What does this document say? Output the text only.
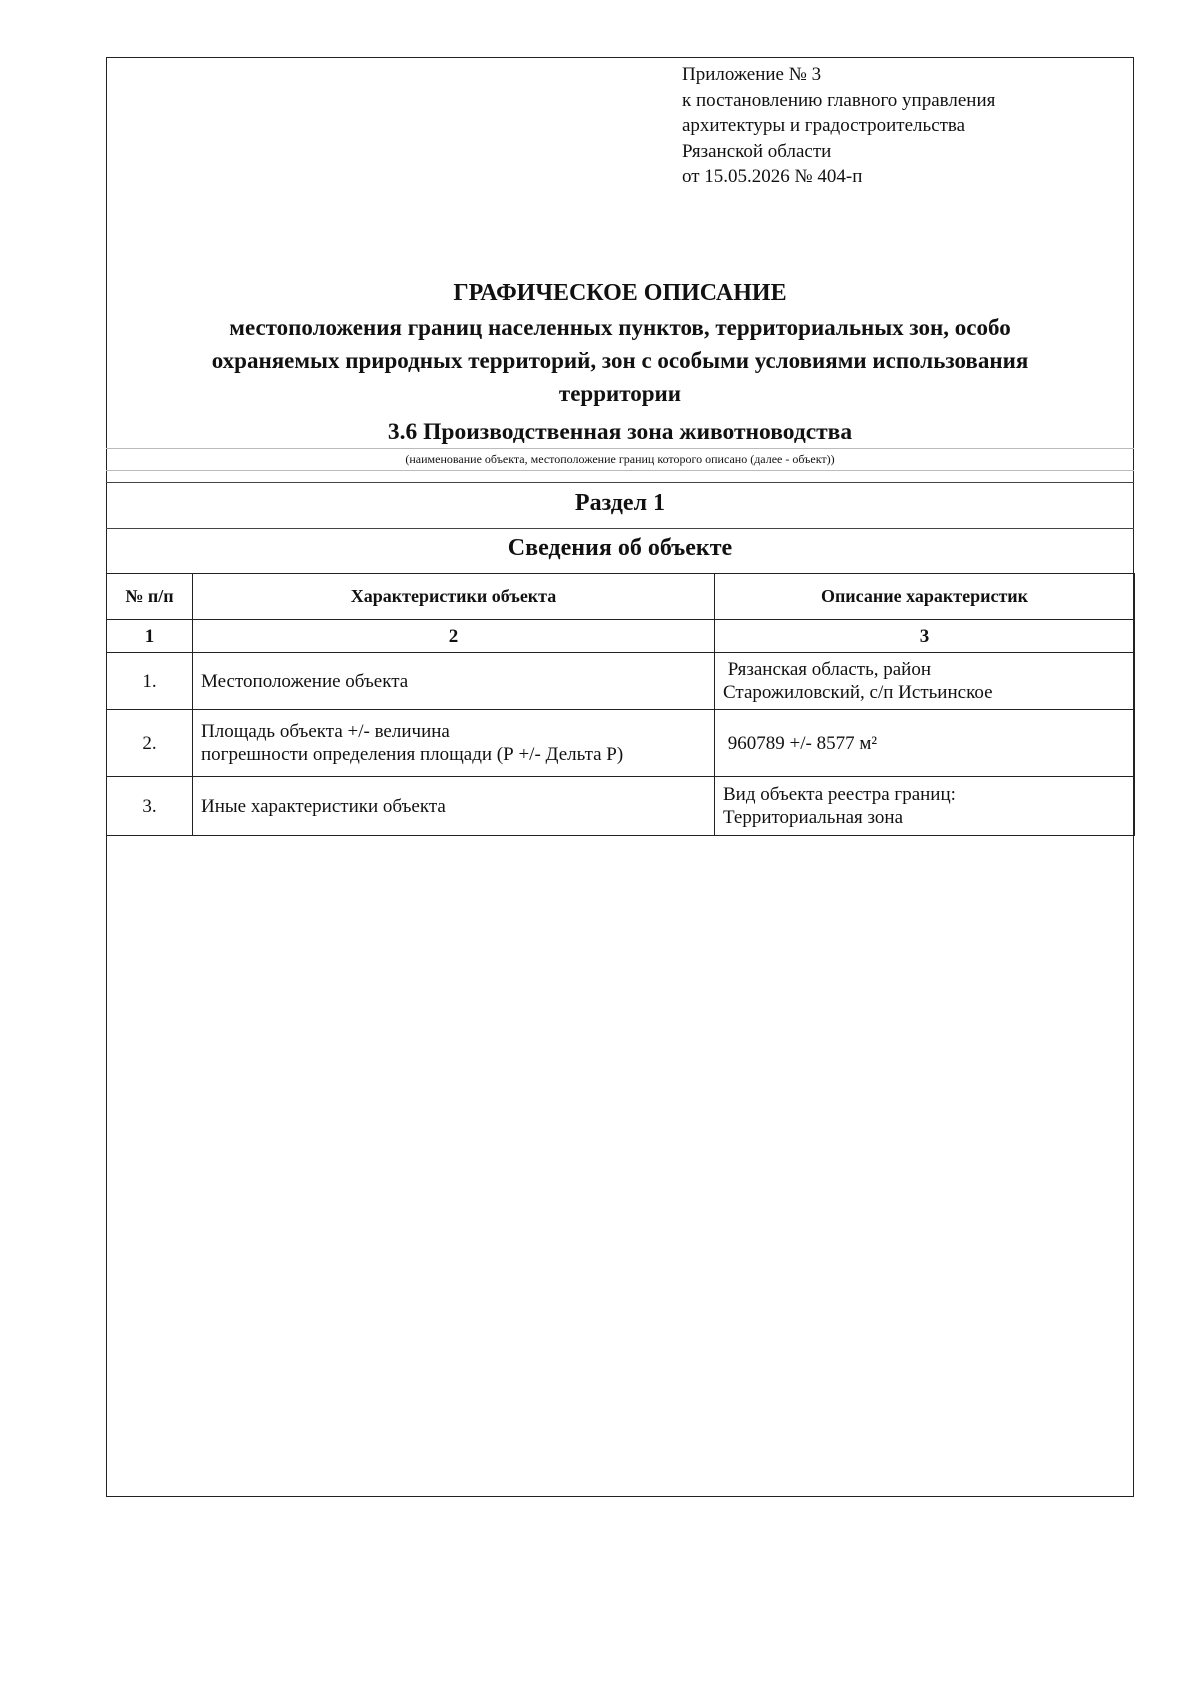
Приложение № 3
к постановлению главного управления
архитектуры и градостроительства
Рязанской области
от 15.05.2026 № 404-п
ГРАФИЧЕСКОЕ ОПИСАНИЕ
местоположения границ населенных пунктов, территориальных зон, особо
охраняемых природных территорий, зон с особыми условиями использования
территории
3.6 Производственная зона животноводства
(наименование объекта, местоположение границ которого описано (далее - объект))
Раздел 1
Сведения об объекте
№ п/п	Характеристики объекта	Описание характеристик
1	2	3
1.	Местоположение объекта	Рязанская область, район
Старожиловский, с/п Истьинское

2.	Площадь объекта +/- величина
погрешности определения площади (Р +/- Дельта Р)	960789 +/- 8577 м²

3.	Иные характеристики объекта	Вид объекта реестра границ:
Территориальная зона
